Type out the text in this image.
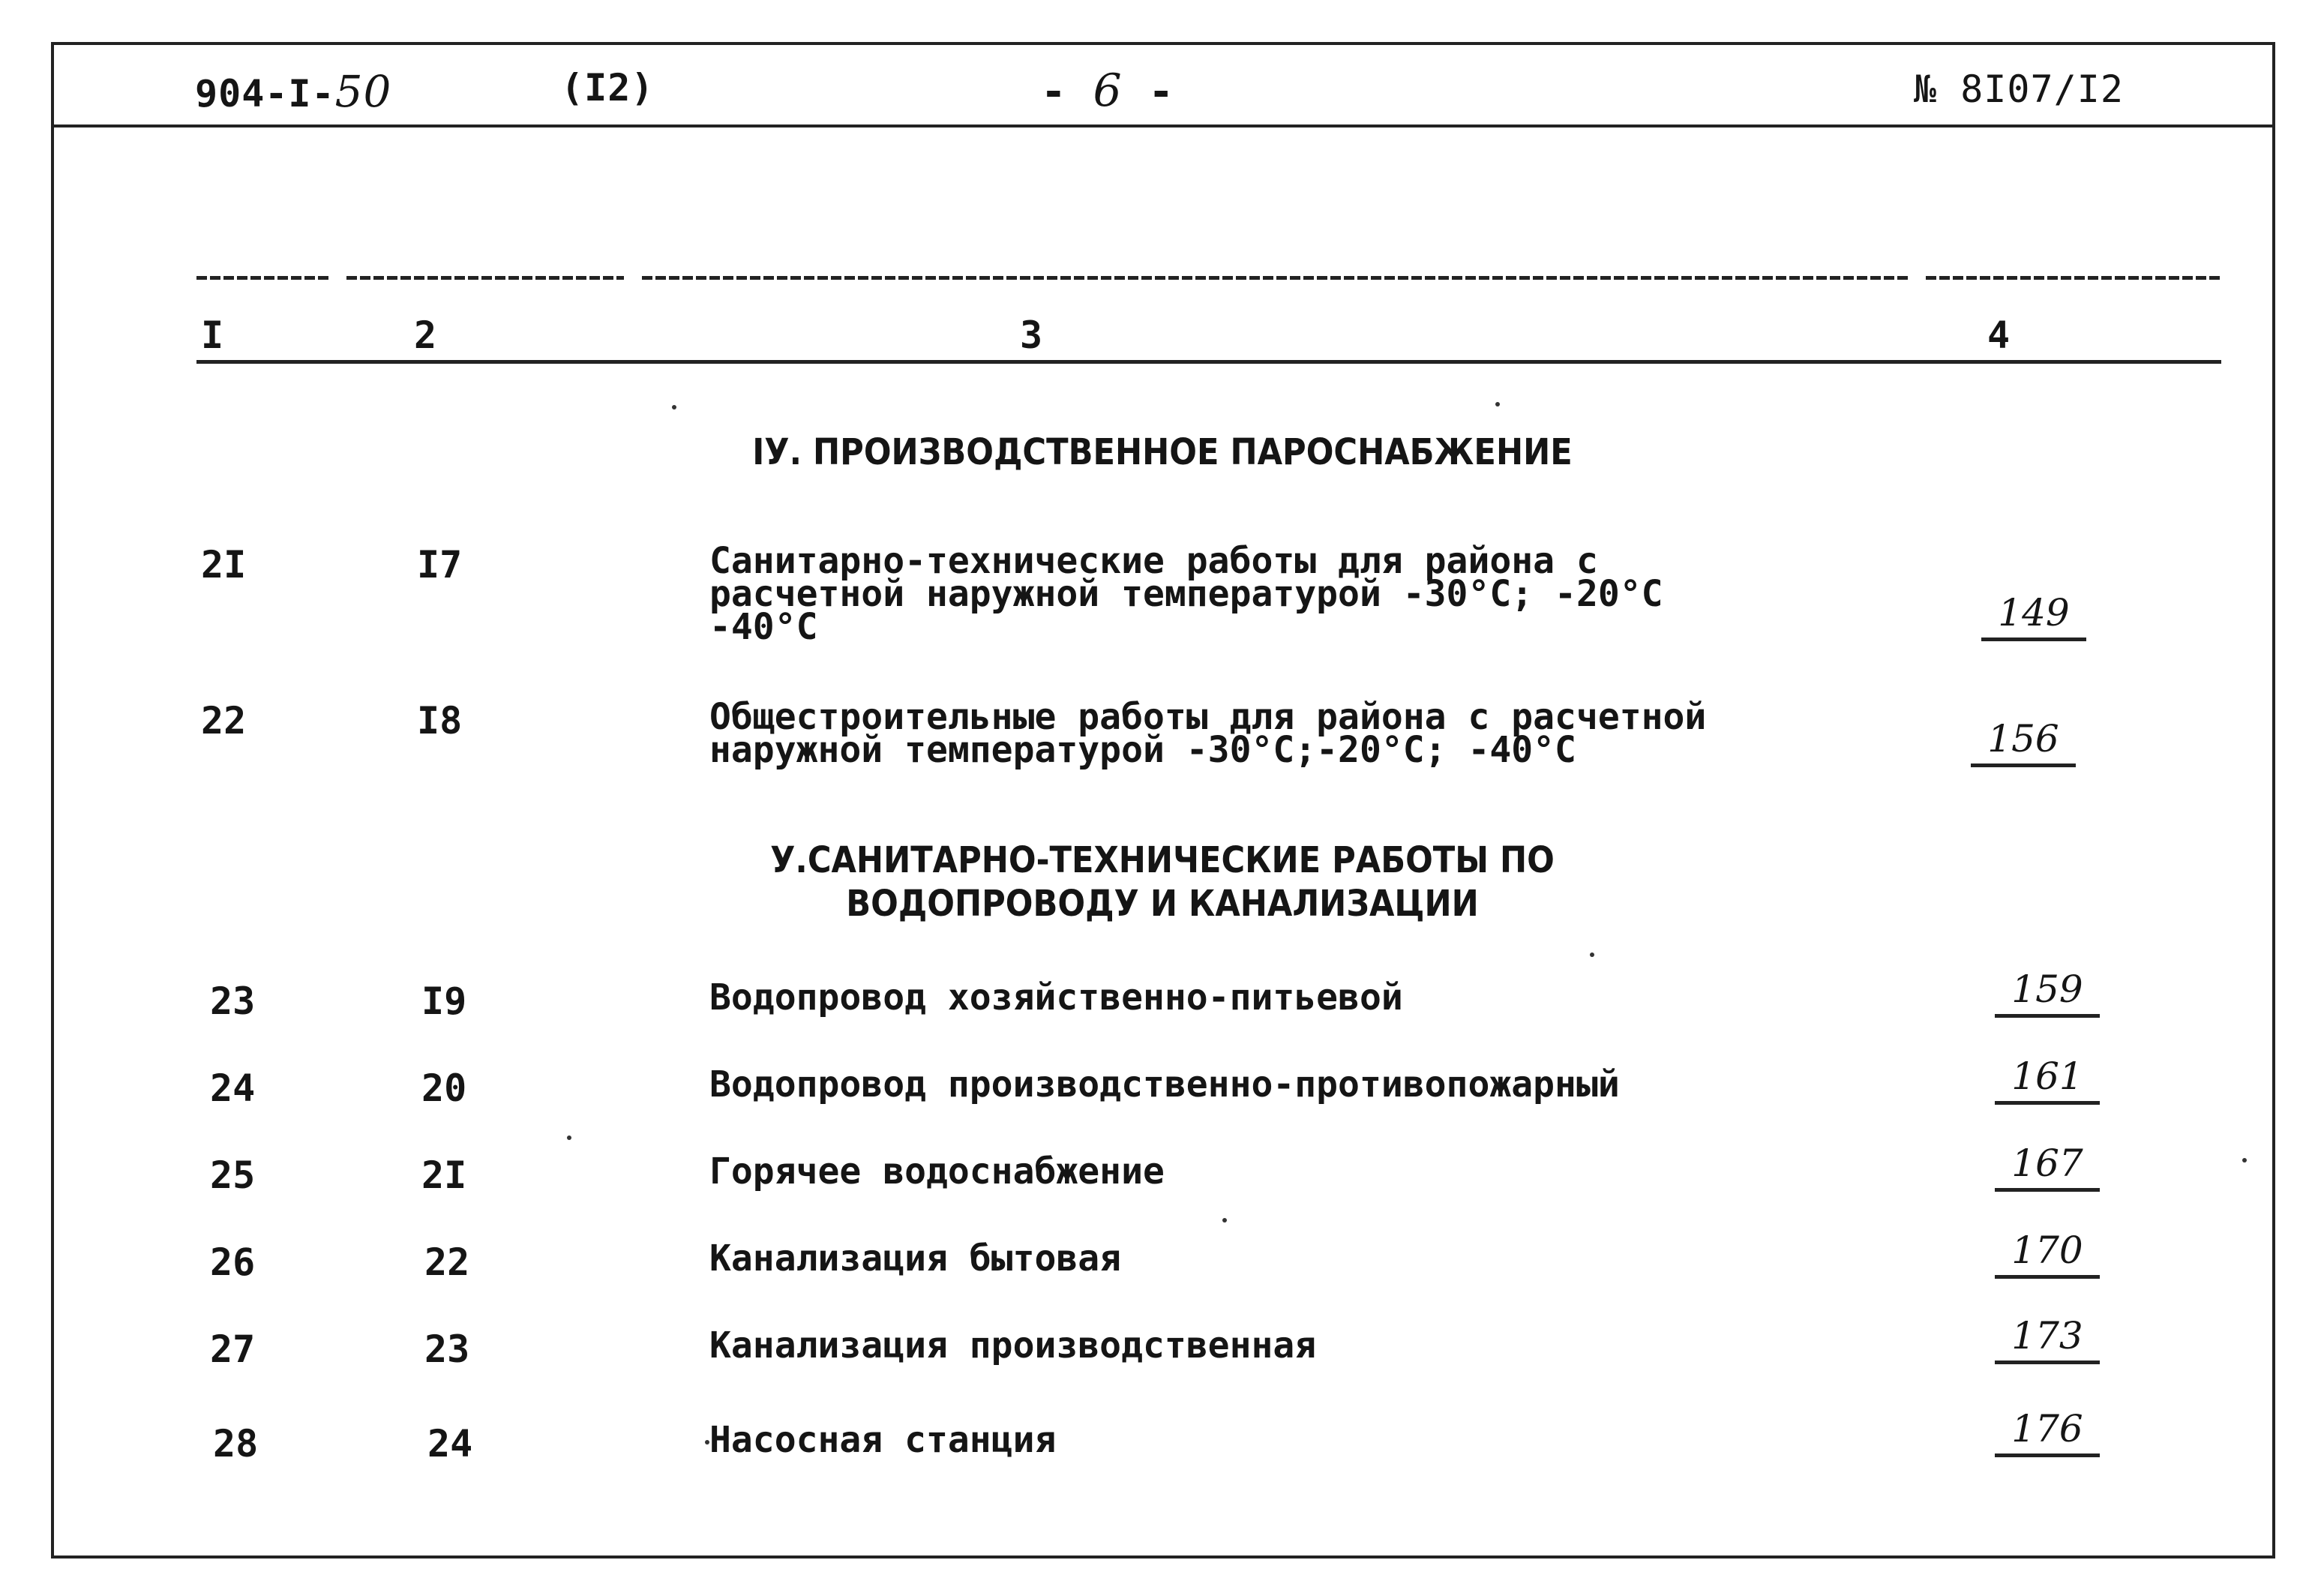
904-I-50	(I2)	- 6 -	№ 8I07/I2
I	2	3	4
IУ. ПРОИЗВОДСТВЕННОЕ ПАРОСНАБЖЕНИЕ
2I	I7	Санитарно-технические работы для района с
расчетной наружной температурой -30°С; -20°С
-40°С	149
22	I8	Общестроительные работы для района с расчетной
наружной температурой -30°С;-20°С; -40°С	156
У.САНИТАРНО-ТЕХНИЧЕСКИЕ РАБОТЫ ПО
ВОДОПРОВОДУ И КАНАЛИЗАЦИИ
23	I9	Водопровод хозяйственно-питьевой	159
24	20	Водопровод производственно-противопожарный	161
25	2I	Горячее водоснабжение	167
26	22	Канализация бытовая	170
27	23	Канализация производственная	173
28	24	Насосная станция	176
